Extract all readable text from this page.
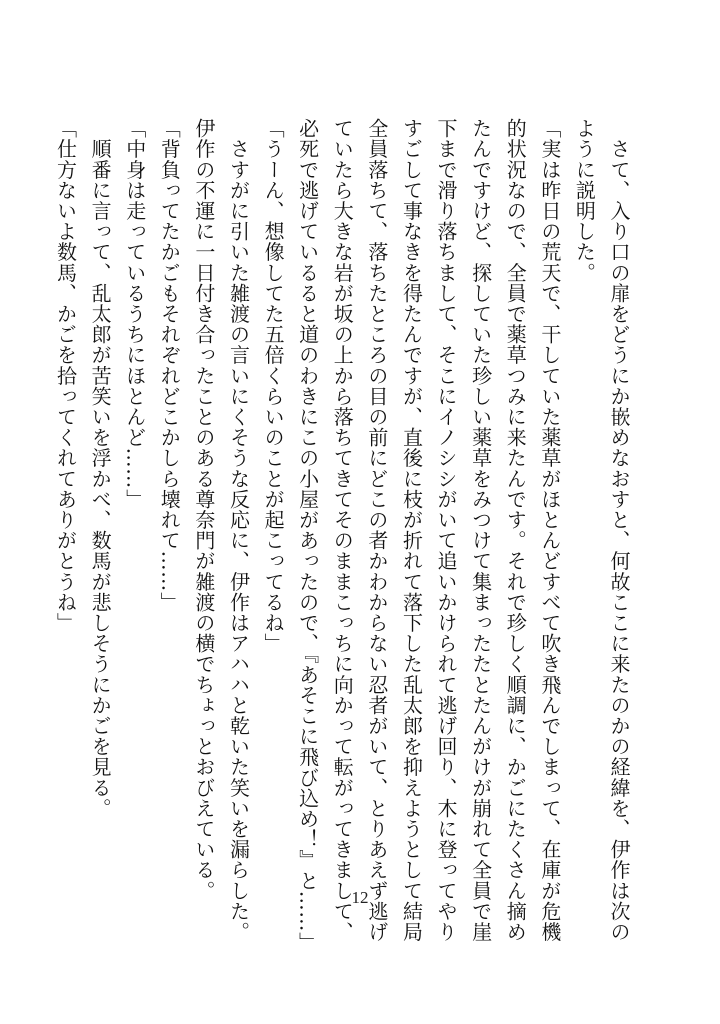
　さて、入り口の扉をどうにか嵌めなおすと、何故ここに来たのかの経緯を、伊作は次の
ように説明した。
「実は昨日の荒天で、干していた薬草がほとんどすべて吹き飛んでしまって、在庫が危機
的状況なので、全員で薬草つみに来たんです。それで珍しく順調に、かごにたくさん摘め
たんですけど、探していた珍しい薬草をみつけて集まったたとたんがけが崩れて全員で崖
下まで滑り落ちまして、そこにイノシシがいて追いかけられて逃げ回り、木に登ってやり
すごして事なきを得たんですが、直後に枝が折れて落下した乱太郎を抑えようとして結局
全員落ちて、落ちたところの目の前にどこの者かわからない忍者がいて、とりあえず逃げ
ていたら大きな岩が坂の上から落ちてきてそのままこっちに向かって転がってきまして、
必死で逃げているると道のわきにこの小屋があったので、『あそこに飛び込め！』と……」
「うーん、想像してた五倍くらいのことが起こってるね」
　さすがに引いた雑渡の言いにくそうな反応に、伊作はアハハと乾いた笑いを漏らした。
伊作の不運に一日付き合ったことのある尊奈門が雑渡の横でちょっとおびえている。
「背負ってたかごもそれぞれどこかしら壊れて……」
「中身は走っているうちにほとんど……」
　順番に言って、乱太郎が苦笑いを浮かべ、数馬が悲しそうにかごを見る。
「仕方ないよ数馬、かごを拾ってくれてありがとうね」
12
